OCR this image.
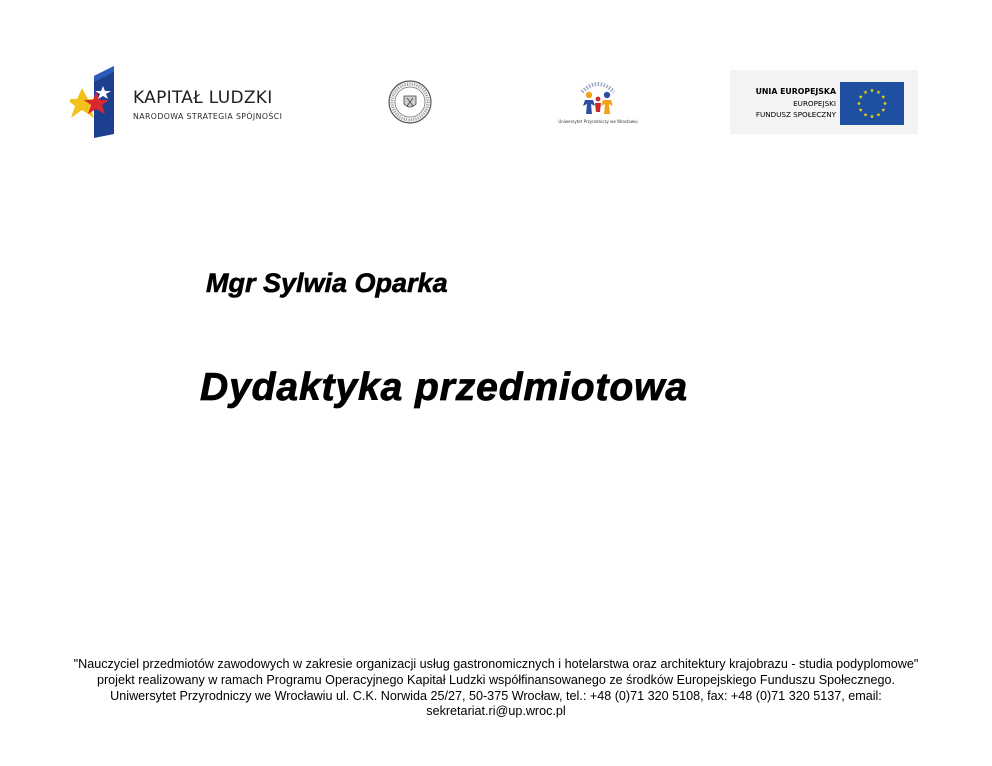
KAPITAŁ LUDZKI
NARODOWA STRATEGIA SPÓJNOŚCI
Uniwersytet Przyrodniczy we Wrocławiu
UNIA EUROPEJSKA
EUROPEJSKI
FUNDUSZ SPOŁECZNY
Mgr Sylwia Oparka
Dydaktyka przedmiotowa
"Nauczyciel przedmiotów zawodowych w zakresie organizacji usług gastronomicznych i hotelarstwa oraz architektury krajobrazu - studia podyplomowe"
projekt realizowany w ramach Programu Operacyjnego Kapitał Ludzki współfinansowanego ze środków Europejskiego Funduszu Społecznego.
Uniwersytet Przyrodniczy we Wrocławiu ul. C.K. Norwida 25/27, 50-375 Wrocław, tel.: +48 (0)71 320 5108, fax: +48 (0)71 320 5137, email:
sekretariat.ri@up.wroc.pl
